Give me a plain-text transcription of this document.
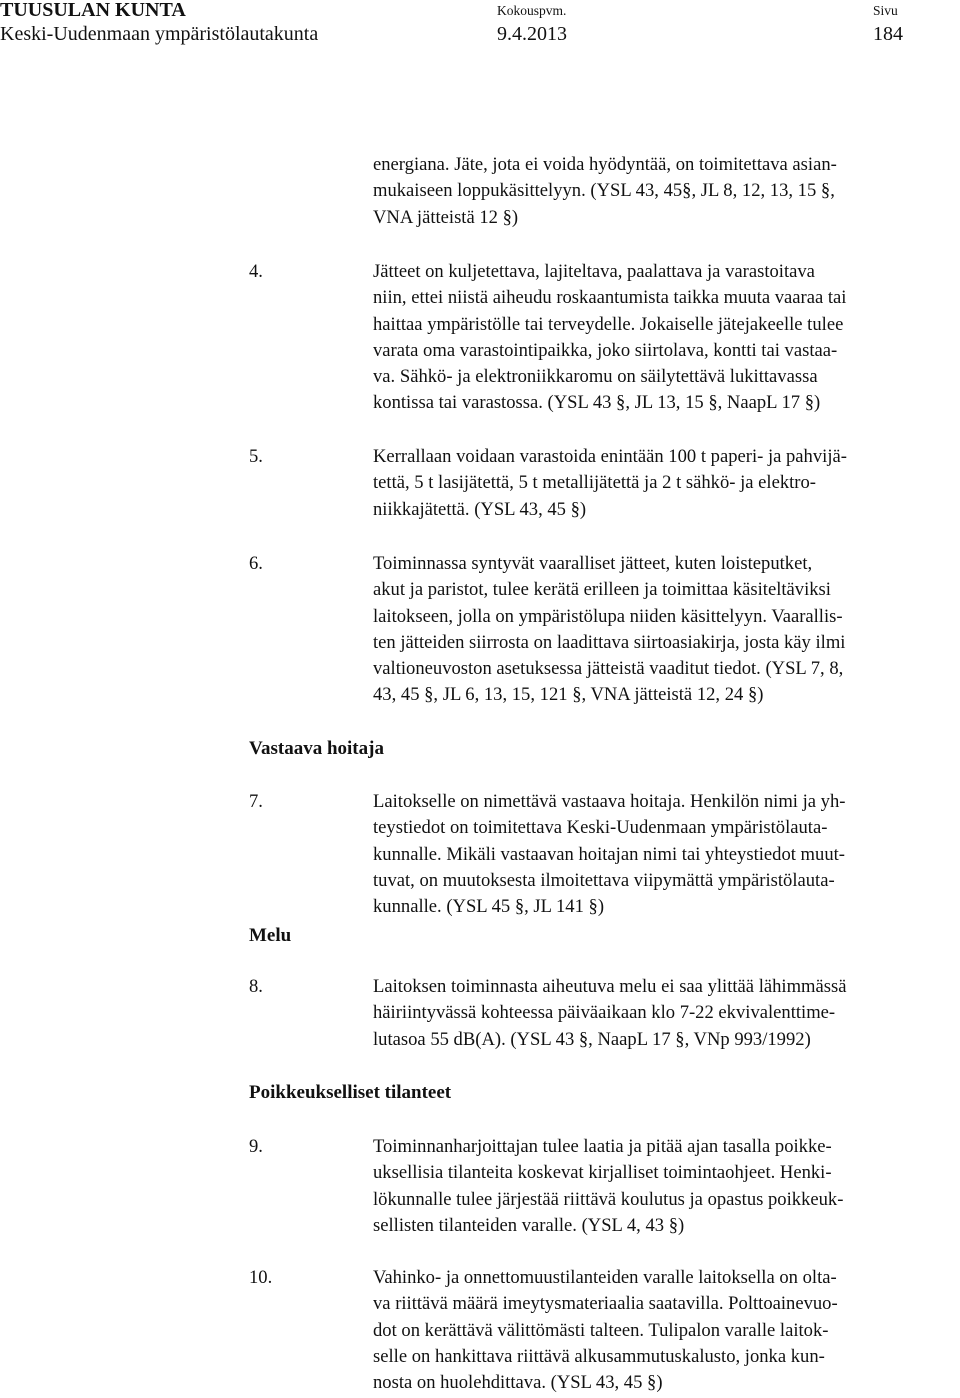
TUUSULAN KUNTA
Keski-Uudenmaan ympäristölautakunta
Kokouspvm.
9.4.2013
Sivu
184
energiana. Jäte, jota ei voida hyödyntää, on toimitettava asian-
mukaiseen loppukäsittelyyn. (YSL 43, 45§, JL 8, 12, 13, 15 §,
VNA jätteistä 12 §)
4.	Jätteet on kuljetettava, lajiteltava, paalattava ja varastoitava
niin, ettei niistä aiheudu roskaantumista taikka muuta vaaraa tai
haittaa ympäristölle tai terveydelle. Jokaiselle jätejakeelle tulee
varata oma varastointipaikka, joko siirtolava, kontti tai vastaa-
va. Sähkö- ja elektroniikkaromu on säilytettävä lukittavassa
kontissa tai varastossa. (YSL 43 §, JL 13, 15 §, NaapL 17 §)
5.	Kerrallaan voidaan varastoida enintään 100 t paperi- ja pahvijä-
tettä, 5 t lasijätettä, 5 t metallijätettä ja 2 t sähkö- ja elektro-
niikkajätettä. (YSL 43, 45 §)
6.	Toiminnassa syntyvät vaaralliset jätteet, kuten loisteputket,
akut ja paristot, tulee kerätä erilleen ja toimittaa käsiteltäviksi
laitokseen, jolla on ympäristölupa niiden käsittelyyn. Vaarallis-
ten jätteiden siirrosta on laadittava siirtoasiakirja, josta käy ilmi
valtioneuvoston asetuksessa jätteistä vaaditut tiedot. (YSL 7, 8,
43, 45 §, JL 6, 13, 15, 121 §, VNA jätteistä 12, 24 §)
Vastaava hoitaja
7.	Laitokselle on nimettävä vastaava hoitaja. Henkilön nimi ja yh-
teystiedot on toimitettava Keski-Uudenmaan ympäristölauta-
kunnalle. Mikäli vastaavan hoitajan nimi tai yhteystiedot muut-
tuvat, on muutoksesta ilmoitettava viipymättä ympäristölauta-
kunnalle. (YSL 45 §, JL 141 §)
Melu
8.	Laitoksen toiminnasta aiheutuva melu ei saa ylittää lähimmässä
häiriintyvässä kohteessa päiväaikaan klo 7-22 ekvivalenttime-
lutasoa 55 dB(A). (YSL 43 §, NaapL 17 §, VNp 993/1992)
Poikkeukselliset tilanteet
9.	Toiminnanharjoittajan tulee laatia ja pitää ajan tasalla poikke-
uksellisia tilanteita koskevat kirjalliset toimintaohjeet. Henki-
lökunnalle tulee järjestää riittävä koulutus ja opastus poikkeuk-
sellisten tilanteiden varalle. (YSL 4, 43 §)
10.	Vahinko- ja onnettomuustilanteiden varalle laitoksella on olta-
va riittävä määrä imeytysmateriaalia saatavilla. Polttoainevuo-
dot on kerättävä välittömästi talteen. Tulipalon varalle laitok-
selle on hankittava riittävä alkusammutuskalusto, jonka kun-
nosta on huolehdittava. (YSL 43, 45 §)
